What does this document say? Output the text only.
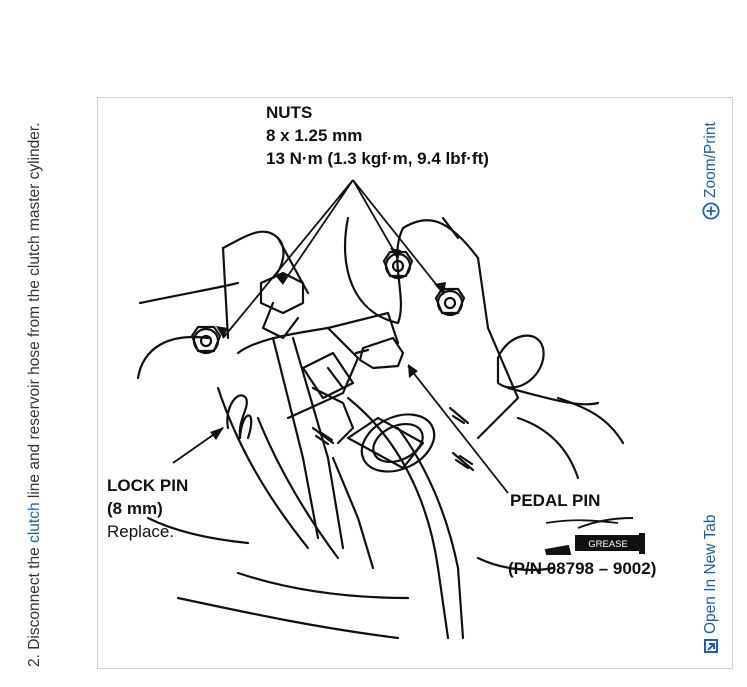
2. Disconnect the clutch line and reservoir hose from the clutch master cylinder.
GREASE
NUTS
8 x 1.25 mm
13 N·m (1.3 kgf·m, 9.4 lbf·ft)
LOCK PIN
(8 mm)
Replace.
PEDAL PIN
(P/N 08798 – 9002)
Zoom/Print
Open In New Tab
